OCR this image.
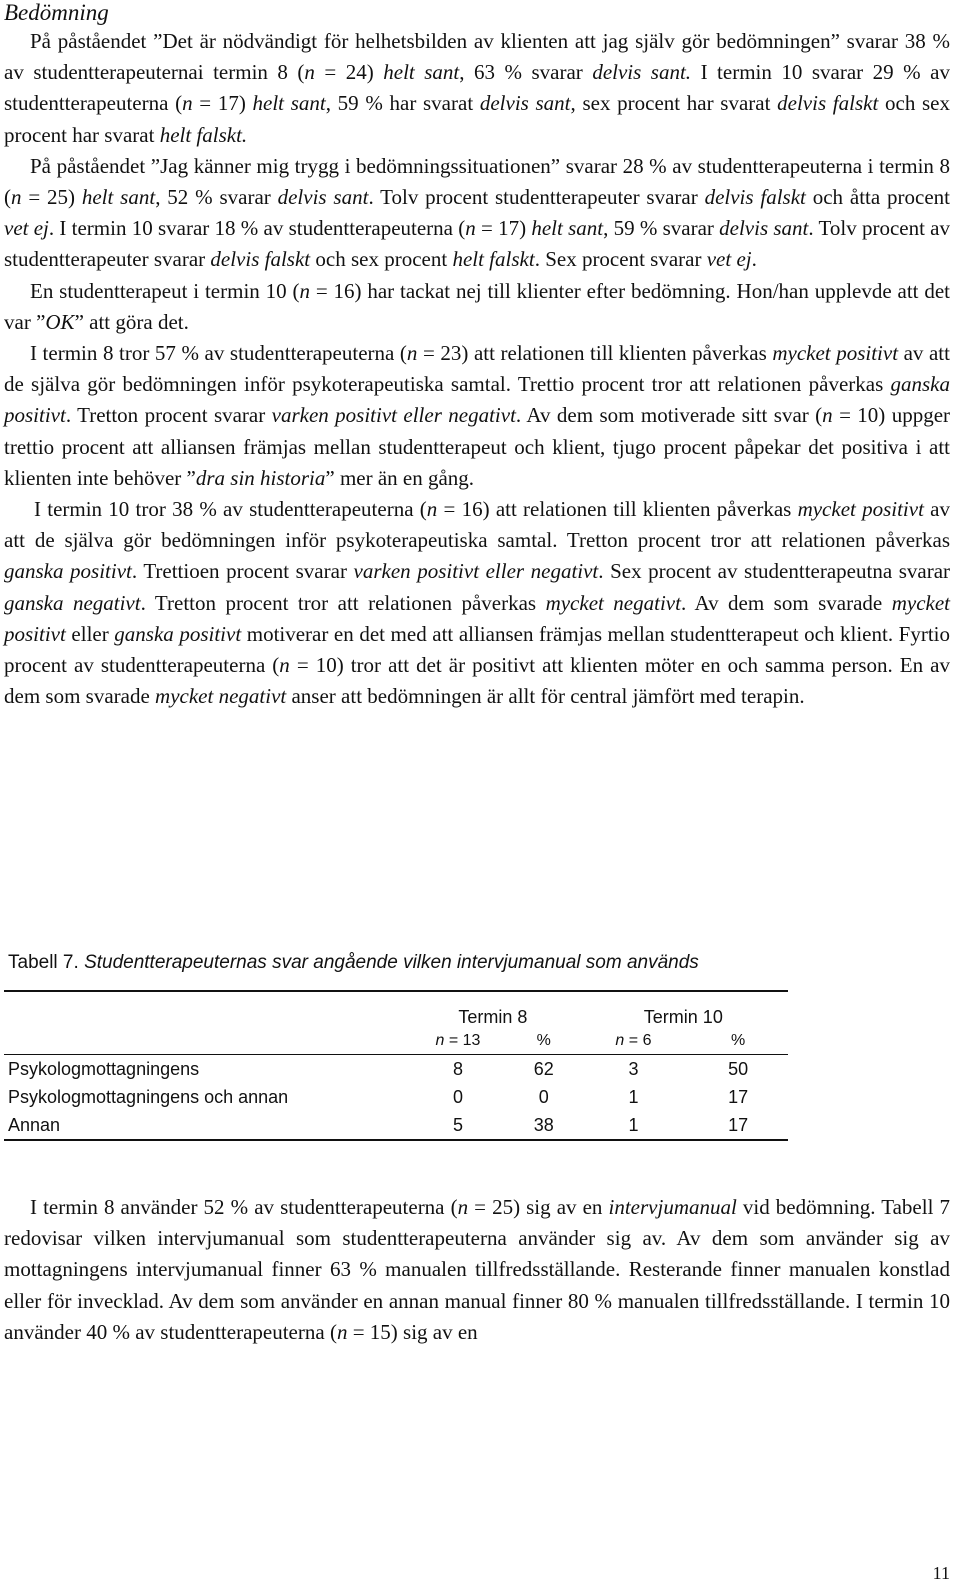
Bedömning

På påståendet ”Det är nödvändigt för helhetsbilden av klienten att jag själv gör bedömningen” svarar 38 % av studentterapeuternai termin 8 (n = 24) helt sant, 63 % svarar delvis sant. I termin 10 svarar 29 % av studentterapeuterna (n = 17) helt sant, 59 % har svarat delvis sant, sex procent har svarat delvis falskt och sex procent har svarat helt falskt.

På påståendet ”Jag känner mig trygg i bedömningssituationen” svarar 28 % av studentterapeuterna i termin 8 (n = 25) helt sant, 52 % svarar delvis sant. Tolv procent studentterapeuter svarar delvis falskt och åtta procent vet ej. I termin 10 svarar 18 % av studentterapeuterna (n = 17) helt sant, 59 % svarar delvis sant. Tolv procent av studentterapeuter svarar delvis falskt och sex procent helt falskt. Sex procent svarar vet ej.

En studentterapeut i termin 10 (n = 16) har tackat nej till klienter efter bedömning. Hon/han upplevde att det var ”OK” att göra det.

I termin 8 tror 57 % av studentterapeuterna (n = 23) att relationen till klienten påverkas mycket positivt av att de själva gör bedömningen inför psykoterapeutiska samtal. Trettio procent tror att relationen påverkas ganska positivt. Tretton procent svarar varken positivt eller negativt. Av dem som motiverade sitt svar (n = 10) uppger trettio procent att alliansen främjas mellan studentterapeut och klient, tjugo procent påpekar det positiva i att klienten inte behöver ”dra sin historia” mer än en gång.

I termin 10 tror 38 % av studentterapeuterna (n = 16) att relationen till klienten påverkas mycket positivt av att de själva gör bedömningen inför psykoterapeutiska samtal. Tretton procent tror att relationen påverkas ganska positivt. Trettioen procent svarar varken positivt eller negativt. Sex procent av studentterapeutna svarar ganska negativt. Tretton procent tror att relationen påverkas mycket negativt. Av dem som svarade mycket positivt eller ganska positivt motiverar en det med att alliansen främjas mellan studentterapeut och klient. Fyrtio procent av studentterapeuterna (n = 10) tror att det är positivt att klienten möter en och samma person. En av dem som svarade mycket negativt anser att bedömningen är allt för central jämfört med terapin.

Tabell 7. Studentterapeuternas svar angående vilken intervjumanual som används

	Termin 8		Termin 10	
	n = 13	%	n = 6	%
Psykologmottagningens	8	62	3	50
Psykologmottagningens och annan	0	0	1	17
Annan	5	38	1	17

I termin 8 använder 52 % av studentterapeuterna (n = 25) sig av en intervjumanual vid bedömning. Tabell 7 redovisar vilken intervjumanual som studentterapeuterna använder sig av. Av dem som använder sig av mottagningens intervjumanual finner 63 % manualen tillfredsställande. Resterande finner manualen konstlad eller för invecklad. Av dem som använder en annan manual finner 80 % manualen tillfredsställande. I termin 10 använder 40 % av studentterapeuterna (n = 15) sig av en

11
